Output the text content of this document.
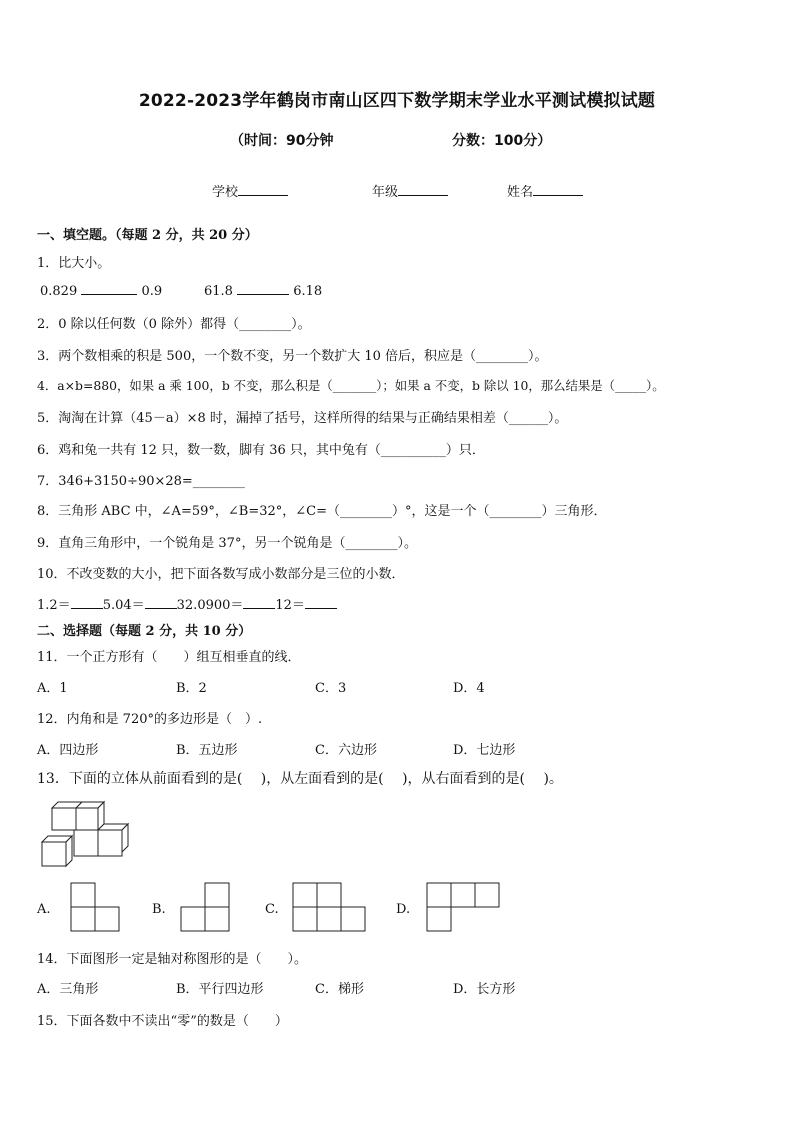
2022-2023学年鹤岗市南山区四下数学期末学业水平测试模拟试题
（时间：90分钟	分数：100分）
学校	年级	姓名
一、填空题。（每题 2 分，共 20 分）
1．比大小。
0.829	0.9	61.8	6.18
2．0 除以任何数（0 除外）都得（________）。
3．两个数相乘的积是 500，一个数不变，另一个数扩大 10 倍后，积应是（________）。
4．a×b=880，如果 a 乘 100，b 不变，那么积是（_______）；如果 a 不变，b 除以 10，那么结果是（_____）。
5．淘淘在计算（45－a）×8 时，漏掉了括号，这样所得的结果与正确结果相差（______）。
6．鸡和兔一共有 12 只，数一数，脚有 36 只，其中兔有（__________）只．
7．346+3150÷90×28=________
8．三角形 ABC 中，∠A=59°，∠B=32°，∠C=（________）°，这是一个（________）三角形．
9．直角三角形中，一个锐角是 37°，另一个锐角是（________）。
10．不改变数的大小，把下面各数写成小数部分是三位的小数．
1.2＝ 5.04＝ 32.0900＝ 12＝
二、选择题（每题 2 分，共 10 分）
11．一个正方形有（　　）组互相垂直的线．
A．1	B．2	C．3	D．4
12．内角和是 720°的多边形是（　）.
A．四边形	B．五边形	C．六边形	D．七边形
13．下面的立体从前面看到的是(　 )，从左面看到的是(　 )，从右面看到的是(　 )。
A.	B.	C.	D.
14．下面图形一定是轴对称图形的是（　　）。
A．三角形	B．平行四边形	C．梯形	D．长方形
15．下面各数中不读出“零”的数是（　　）
